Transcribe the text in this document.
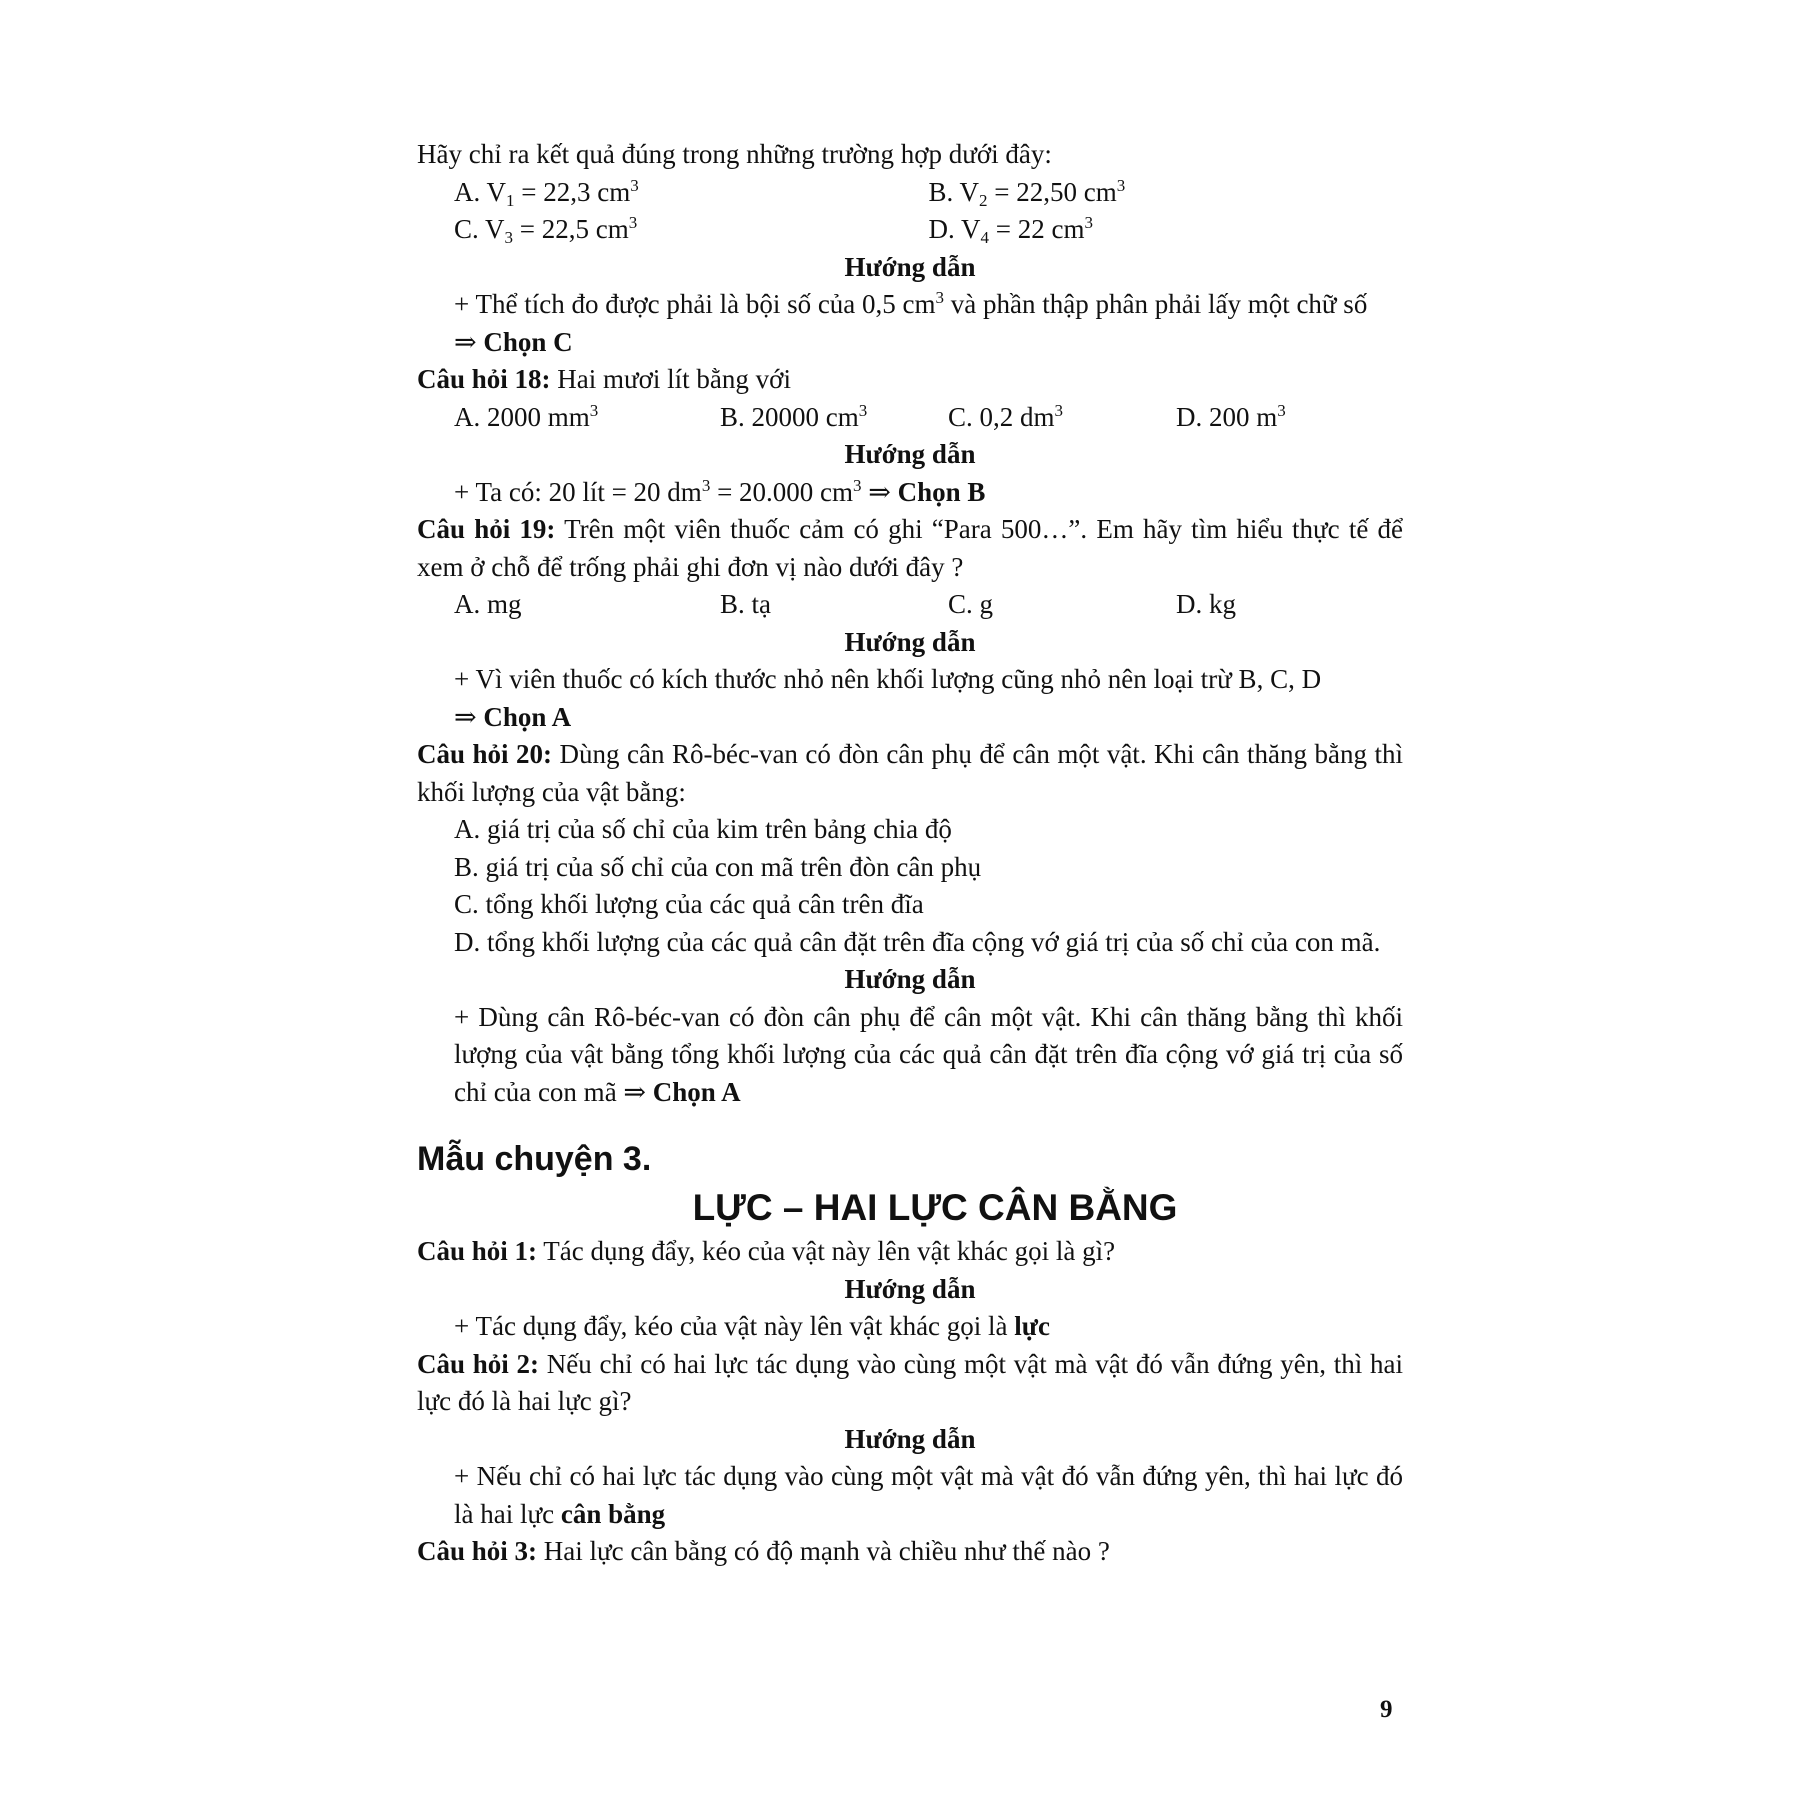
Hãy chỉ ra kết quả đúng trong những trường hợp dưới đây:

A. $V_1 = 22,3$ $cm^3$	B. $V_2 = 22,50$ $cm^3$
C. $V_3 = 22,5$ $cm^3$	D. $V_4 = 22$ $cm^3$

Hướng dẫn

+ Thể tích đo được phải là bội số của 0,5 $cm^3$ và phần thập phân phải lấy một chữ số

⇒ Chọn C

Câu hỏi 18: Hai mươi lít bằng với

A. 2000 $mm^3$	B. 20000 $cm^3$	C. 0,2 $dm^3$	D. 200 $m^3$

Hướng dẫn

+ Ta có: 20 lít = 20 $dm^3 = 20.000$ $cm^3$ ⇒ Chọn B

Câu hỏi 19: Trên một viên thuốc cảm có ghi “Para 500…”. Em hãy tìm hiểu thực tế để xem ở chỗ để trống phải ghi đơn vị nào dưới đây ?

A. mg	B. tạ	C. g	D. kg

Hướng dẫn

+ Vì viên thuốc có kích thước nhỏ nên khối lượng cũng nhỏ nên loại trừ B, C, D

⇒ Chọn A

Câu hỏi 20: Dùng cân Rô-béc-van có đòn cân phụ để cân một vật. Khi cân thăng bằng thì khối lượng của vật bằng:

A. giá trị của số chỉ của kim trên bảng chia độ

B. giá trị của số chỉ của con mã trên đòn cân phụ

C. tổng khối lượng của các quả cân trên đĩa

D. tổng khối lượng của các quả cân đặt trên đĩa cộng vớ giá trị của số chỉ của con mã.

Hướng dẫn

+ Dùng cân Rô-béc-van có đòn cân phụ để cân một vật. Khi cân thăng bằng thì khối lượng của vật bằng tổng khối lượng của các quả cân đặt trên đĩa cộng vớ giá trị của số chỉ của con mã ⇒ Chọn A

Mẫu chuyện 3.

LỰC – HAI LỰC CÂN BẰNG

Câu hỏi 1: Tác dụng đẩy, kéo của vật này lên vật khác gọi là gì?

Hướng dẫn

+ Tác dụng đẩy, kéo của vật này lên vật khác gọi là lực

Câu hỏi 2: Nếu chỉ có hai lực tác dụng vào cùng một vật mà vật đó vẫn đứng yên, thì hai lực đó là hai lực gì?

Hướng dẫn

+ Nếu chỉ có hai lực tác dụng vào cùng một vật mà vật đó vẫn đứng yên, thì hai lực đó là hai lực cân bằng

Câu hỏi 3: Hai lực cân bằng có độ mạnh và chiều như thế nào ?

9
